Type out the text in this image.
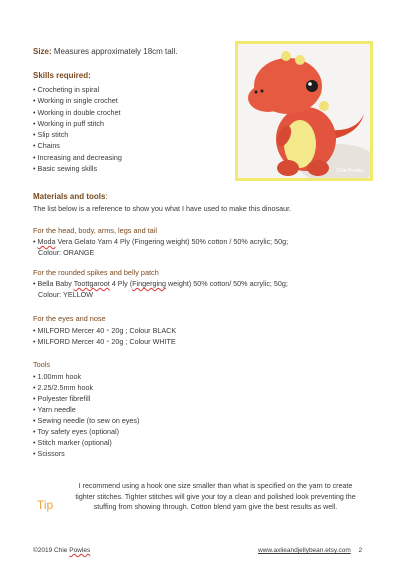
Size: Measures approximately 18cm tall.
Skills required:
• Crocheting in spiral
• Working in single crochet
• Working in double crochet
• Working in puff stitch
• Slip stitch
• Chains
• Increasing and decreasing
• Basic sewing skills	Chie Powles
Materials and tools:
The list below is a reference to show you what I have used to make this dinosaur.
For the head, body, arms, legs and tail
• Moda Vera Gelato Yarn 4 Ply (Fingering weight) 50% cotton / 50% acrylic; 50g;
Colour: ORANGE
For the rounded spikes and belly patch
• Bella Baby Toottgaroot 4 Ply (Fingerging weight) 50% cotton/ 50% acrylic; 50g;
Colour: YELLOW
For the eyes and nose
• MILFORD Mercer 40・20g ; Colour BLACK
• MILFORD Mercer 40・20g ; Colour WHITE
Tools
• 1.00mm hook
• 2.25/2.5mm hook
• Polyester fibrefill
• Yarn needle
• Sewing needle (to sew on eyes)
• Toy safety eyes (optional)
• Stitch marker (optional)
• Scissors
Tip
I recommend using a hook one size smaller than what is specified on the yarn to create tighter stitches. Tighter stitches will give your toy a clean and polished look preventing the stuffing from showing through. Cotton blend yarn give the best results as well.
©2019 Chie Powles	www.axlieandjellybean.etsy.com 2
